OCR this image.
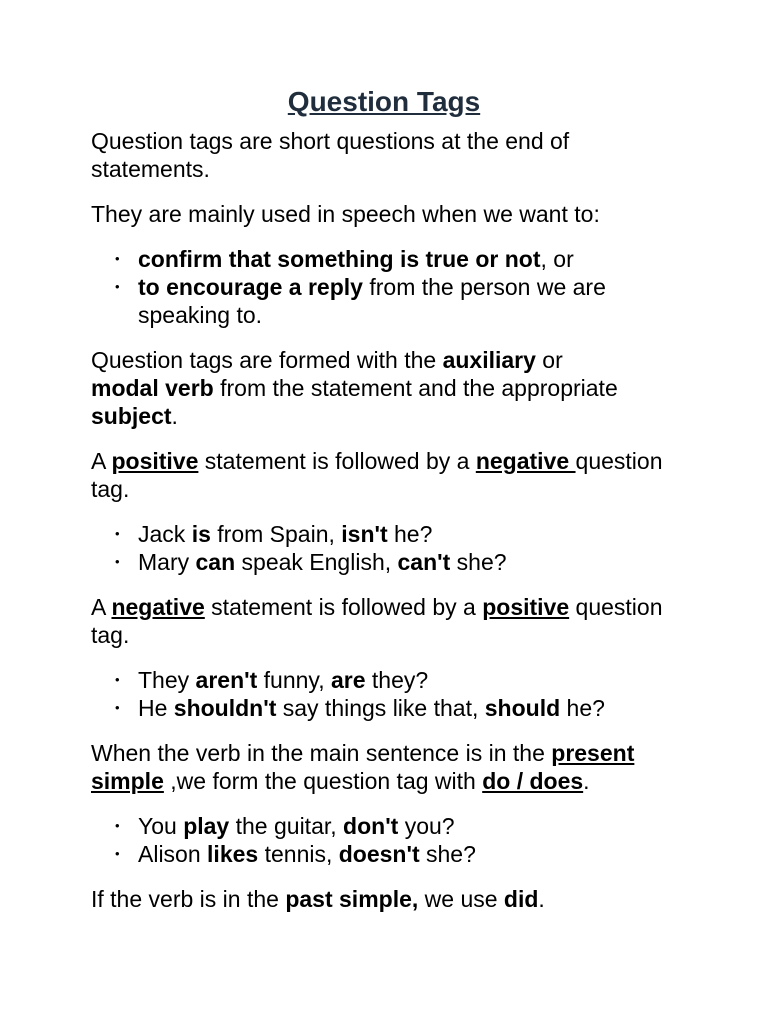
Question Tags

Question tags are short questions at the end of statements.

They are mainly used in speech when we want to:

• confirm that something is true or not, or
• to encourage a reply from the person we are speaking to.

Question tags are formed with the auxiliary or
modal verb from the statement and the appropriate subject.

A positive statement is followed by a negative question tag.

• Jack is from Spain, isn't he?
• Mary can speak English, can't she?

A negative statement is followed by a positive question tag.

• They aren't funny, are they?
• He shouldn't say things like that, should he?

When the verb in the main sentence is in the present simple ,we form the question tag with do / does.

• You play the guitar, don't you?
• Alison likes tennis, doesn't she?

If the verb is in the past simple, we use did.
